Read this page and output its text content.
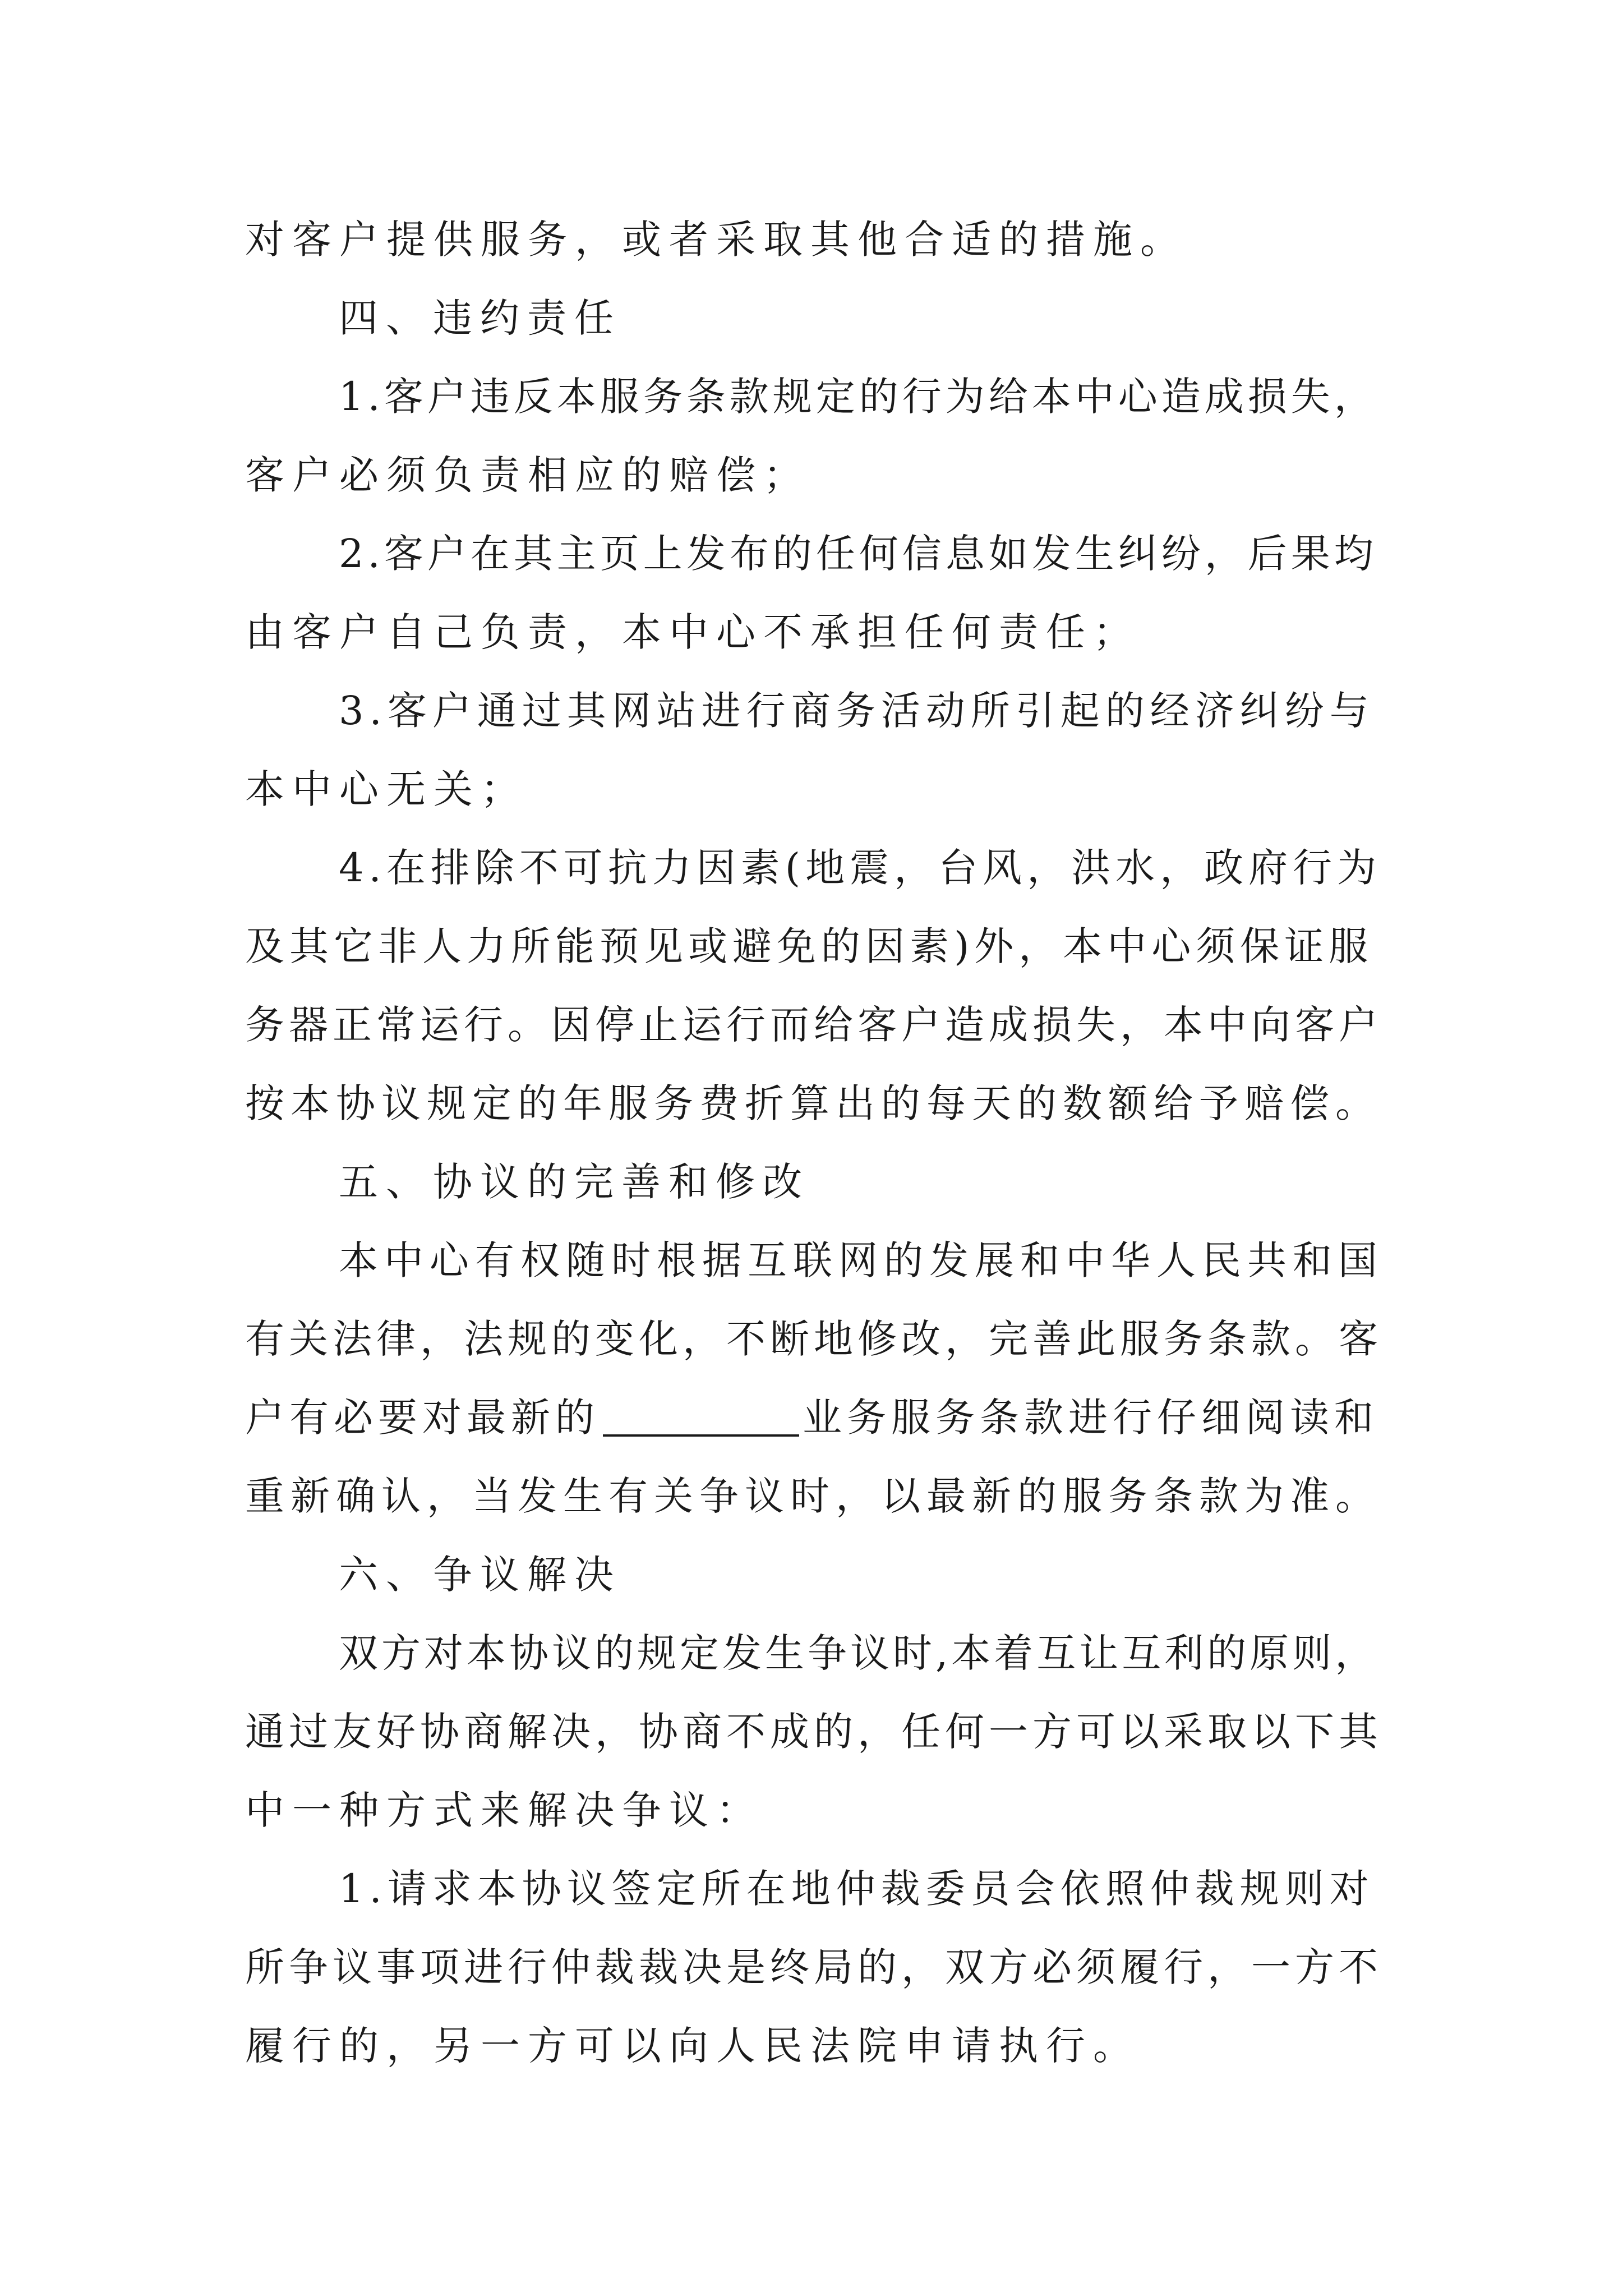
对客户提供服务，或者采取其他合适的措施。
四、违约责任
1.客户违反本服务条款规定的行为给本中心造成损失，
客户必须负责相应的赔偿；
2.客户在其主页上发布的任何信息如发生纠纷，后果均
由客户自己负责，本中心不承担任何责任；
3.客户通过其网站进行商务活动所引起的经济纠纷与
本中心无关；
4.在排除不可抗力因素(地震，台风，洪水，政府行为
及其它非人力所能预见或避免的因素)外，本中心须保证服
务器正常运行。因停止运行而给客户造成损失，本中向客户
按本协议规定的年服务费折算出的每天的数额给予赔偿。
五、协议的完善和修改
本中心有权随时根据互联网的发展和中华人民共和国
有关法律，法规的变化，不断地修改，完善此服务条款。客
户有必要对最新的	业务服务条款进行仔细阅读和
重新确认，当发生有关争议时，以最新的服务条款为准。
六、争议解决
双方对本协议的规定发生争议时,本着互让互利的原则，
通过友好协商解决，协商不成的，任何一方可以采取以下其
中一种方式来解决争议：
1.请求本协议签定所在地仲裁委员会依照仲裁规则对
所争议事项进行仲裁裁决是终局的，双方必须履行，一方不
履行的，另一方可以向人民法院申请执行。
